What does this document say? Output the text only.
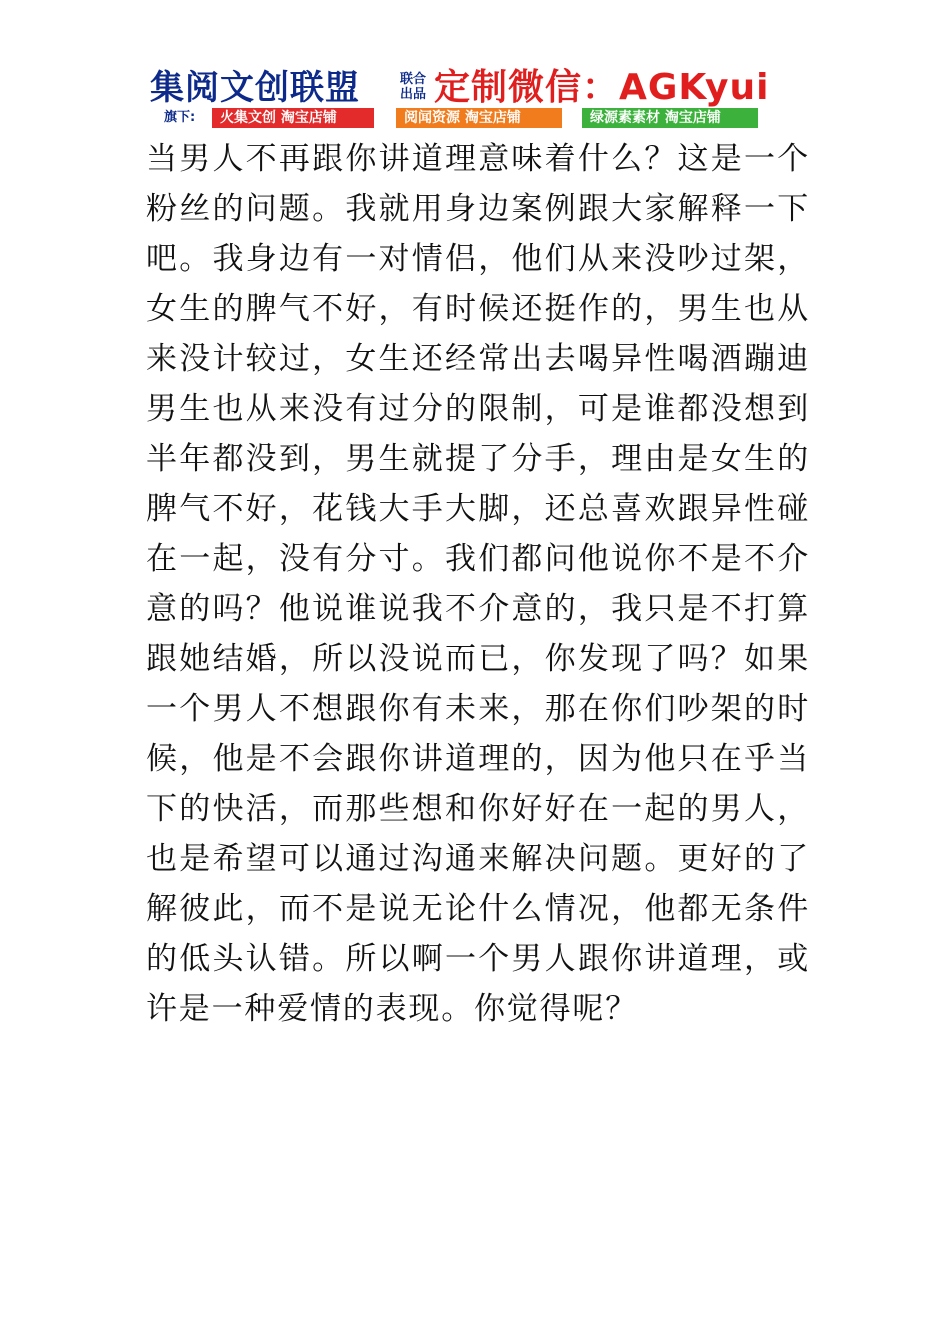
集阅文创联盟	联合出品 定制微信：AGKyui
旗下:	火集文创 淘宝店铺	阅闻资源 淘宝店铺	绿源素素材 淘宝店铺

当男人不再跟你讲道理意味着什么？这是一个粉丝的问题。我就用身边案例跟大家解释一下吧。我身边有一对情侣，他们从来没吵过架，女生的脾气不好，有时候还挺作的，男生也从来没计较过，女生还经常出去喝异性喝酒蹦迪男生也从来没有过分的限制，可是谁都没想到半年都没到，男生就提了分手，理由是女生的脾气不好，花钱大手大脚，还总喜欢跟异性碰在一起，没有分寸。我们都问他说你不是不介意的吗？他说谁说我不介意的，我只是不打算跟她结婚，所以没说而已，你发现了吗？如果一个男人不想跟你有未来，那在你们吵架的时候，他是不会跟你讲道理的，因为他只在乎当下的快活，而那些想和你好好在一起的男人，也是希望可以通过沟通来解决问题。更好的了解彼此，而不是说无论什么情况，他都无条件的低头认错。所以啊一个男人跟你讲道理，或许是一种爱情的表现。你觉得呢？
